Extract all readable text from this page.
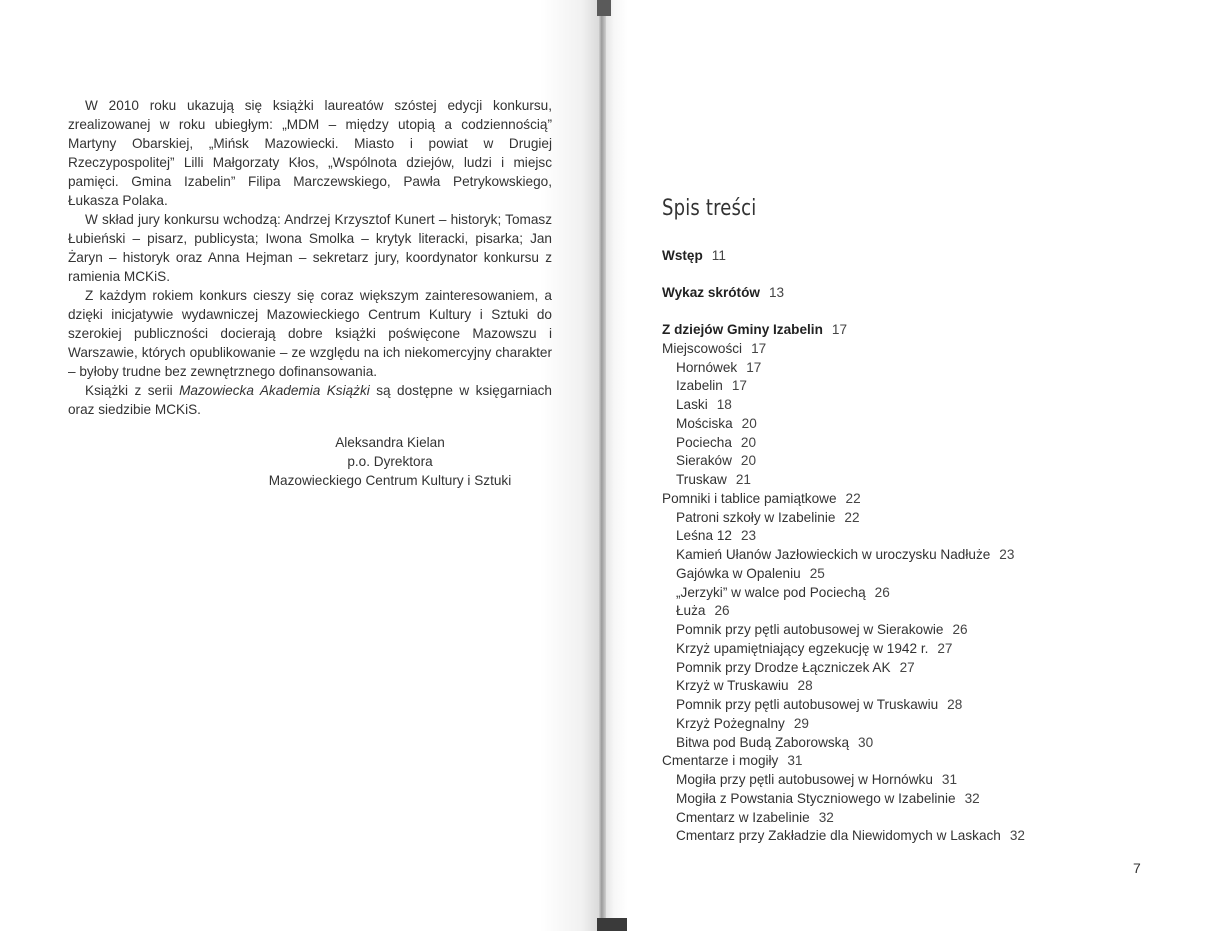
W 2010 roku ukazują się książki laureatów szóstej edycji konkursu, zrealizowanej w roku ubiegłym: „MDM – między utopią a codziennością” Martyny Obarskiej, „Mińsk Mazowiecki. Miasto i powiat w Drugiej Rzeczypospolitej” Lilli Małgorzaty Kłos, „Wspólnota dziejów, ludzi i miejsc pamięci. Gmina Izabelin” Filipa Marczewskiego, Pawła Petrykowskiego, Łukasza Polaka.

W skład jury konkursu wchodzą: Andrzej Krzysztof Kunert – historyk; Tomasz Łubieński – pisarz, publicysta; Iwona Smolka – krytyk literacki, pisarka; Jan Żaryn – historyk oraz Anna Hejman – sekretarz jury, koordynator konkursu z ramienia MCKiS.

Z każdym rokiem konkurs cieszy się coraz większym zainteresowaniem, a dzięki inicjatywie wydawniczej Mazowieckiego Centrum Kultury i Sztuki do szerokiej publiczności docierają dobre książki poświęcone Mazowszu i Warszawie, których opublikowanie – ze względu na ich niekomercyjny charakter – byłoby trudne bez zewnętrznego dofinansowania.

Książki z serii Mazowiecka Akademia Książki są dostępne w księgarniach oraz siedzibie MCKiS.

Aleksandra Kielan
p.o. Dyrektora
Mazowieckiego Centrum Kultury i Sztuki
Spis treści
Wstęp 11
Wykaz skrótów 13
Z dziejów Gminy Izabelin 17
Miejscowości 17
Hornówek 17
Izabelin 17
Laski 18
Mościska 20
Pociecha 20
Sieraków 20
Truskaw 21
Pomniki i tablice pamiątkowe 22
Patroni szkoły w Izabelinie 22
Leśna 12 23
Kamień Ułanów Jazłowieckich w uroczysku Nadłuże 23
Gajówka w Opaleniu 25
„Jerzyki” w walce pod Pociechą 26
Łuża 26
Pomnik przy pętli autobusowej w Sierakowie 26
Krzyż upamiętniający egzekucję w 1942 r. 27
Pomnik przy Drodze Łączniczek AK 27
Krzyż w Truskawiu 28
Pomnik przy pętli autobusowej w Truskawiu 28
Krzyż Pożegnalny 29
Bitwa pod Budą Zaborowską 30
Cmentarze i mogiły 31
Mogiła przy pętli autobusowej w Hornówku 31
Mogiła z Powstania Styczniowego w Izabelinie 32
Cmentarz w Izabelinie 32
Cmentarz przy Zakładzie dla Niewidomych w Laskach 32
7
